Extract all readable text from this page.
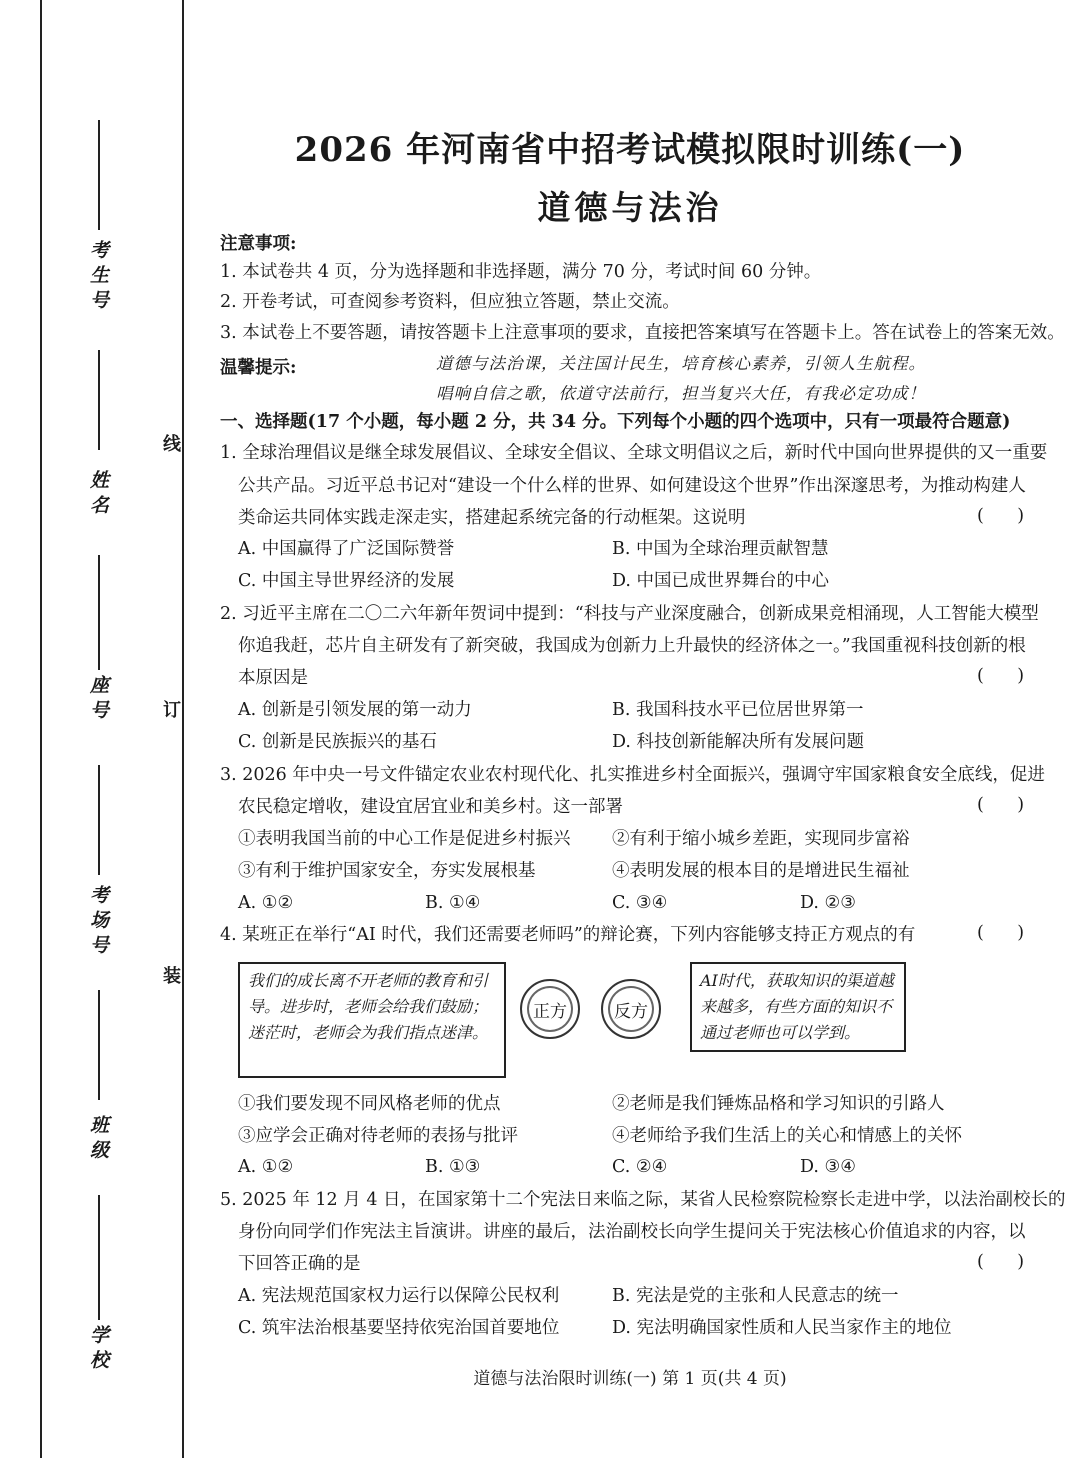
考生号
姓名
座号
考场号
班级
学校
线
订
装
2026 年河南省中招考试模拟限时训练(一)
道德与法治
注意事项:
1. 本试卷共 4 页，分为选择题和非选择题，满分 70 分，考试时间 60 分钟。
2. 开卷考试，可查阅参考资料，但应独立答题，禁止交流。
3. 本试卷上不要答题，请按答题卡上注意事项的要求，直接把答案填写在答题卡上。答在试卷上的答案无效。
温馨提示:	道德与法治课，关注国计民生，培育核心素养，引领人生航程。
唱响自信之歌，依道守法前行，担当复兴大任，有我必定功成！
一、选择题(17 个小题，每小题 2 分，共 34 分。下列每个小题的四个选项中，只有一项最符合题意)
1. 全球治理倡议是继全球发展倡议、全球安全倡议、全球文明倡议之后，新时代中国向世界提供的又一重要
公共产品。习近平总书记对“建设一个什么样的世界、如何建设这个世界”作出深邃思考，为推动构建人
类命运共同体实践走深走实，搭建起系统完备的行动框架。这说明	(      )
A. 中国赢得了广泛国际赞誉	B. 中国为全球治理贡献智慧
C. 中国主导世界经济的发展	D. 中国已成世界舞台的中心
2. 习近平主席在二〇二六年新年贺词中提到：“科技与产业深度融合，创新成果竞相涌现，人工智能大模型
你追我赶，芯片自主研发有了新突破，我国成为创新力上升最快的经济体之一。”我国重视科技创新的根
本原因是	(      )
A. 创新是引领发展的第一动力	B. 我国科技水平已位居世界第一
C. 创新是民族振兴的基石	D. 科技创新能解决所有发展问题
3. 2026 年中央一号文件锚定农业农村现代化、扎实推进乡村全面振兴，强调守牢国家粮食安全底线，促进
农民稳定增收，建设宜居宜业和美乡村。这一部署	(      )
①表明我国当前的中心工作是促进乡村振兴 ②有利于缩小城乡差距，实现同步富裕
③有利于维护国家安全，夯实发展根基	④表明发展的根本目的是增进民生福祉
A. ①②	B. ①④	C. ③④	D. ②③
4. 某班正在举行“AI 时代，我们还需要老师吗”的辩论赛，下列内容能够支持正方观点的有	(      )
我们的成长离不开老师的教育和引导。进步时，老师会给我们鼓励；迷茫时，老师会为我们指点迷津。
正方	反方
AI时代，获取知识的渠道越来越多，有些方面的知识不通过老师也可以学到。
①我们要发现不同风格老师的优点	②老师是我们锤炼品格和学习知识的引路人
③应学会正确对待老师的表扬与批评	④老师给予我们生活上的关心和情感上的关怀
A. ①②	B. ①③	C. ②④	D. ③④
5. 2025 年 12 月 4 日，在国家第十二个宪法日来临之际，某省人民检察院检察长走进中学，以法治副校长的
身份向同学们作宪法主旨演讲。讲座的最后，法治副校长向学生提问关于宪法核心价值追求的内容，以
下回答正确的是	(      )
A. 宪法规范国家权力运行以保障公民权利	B. 宪法是党的主张和人民意志的统一
C. 筑牢法治根基要坚持依宪治国首要地位	D. 宪法明确国家性质和人民当家作主的地位
道德与法治限时训练(一) 第 1 页(共 4 页)
